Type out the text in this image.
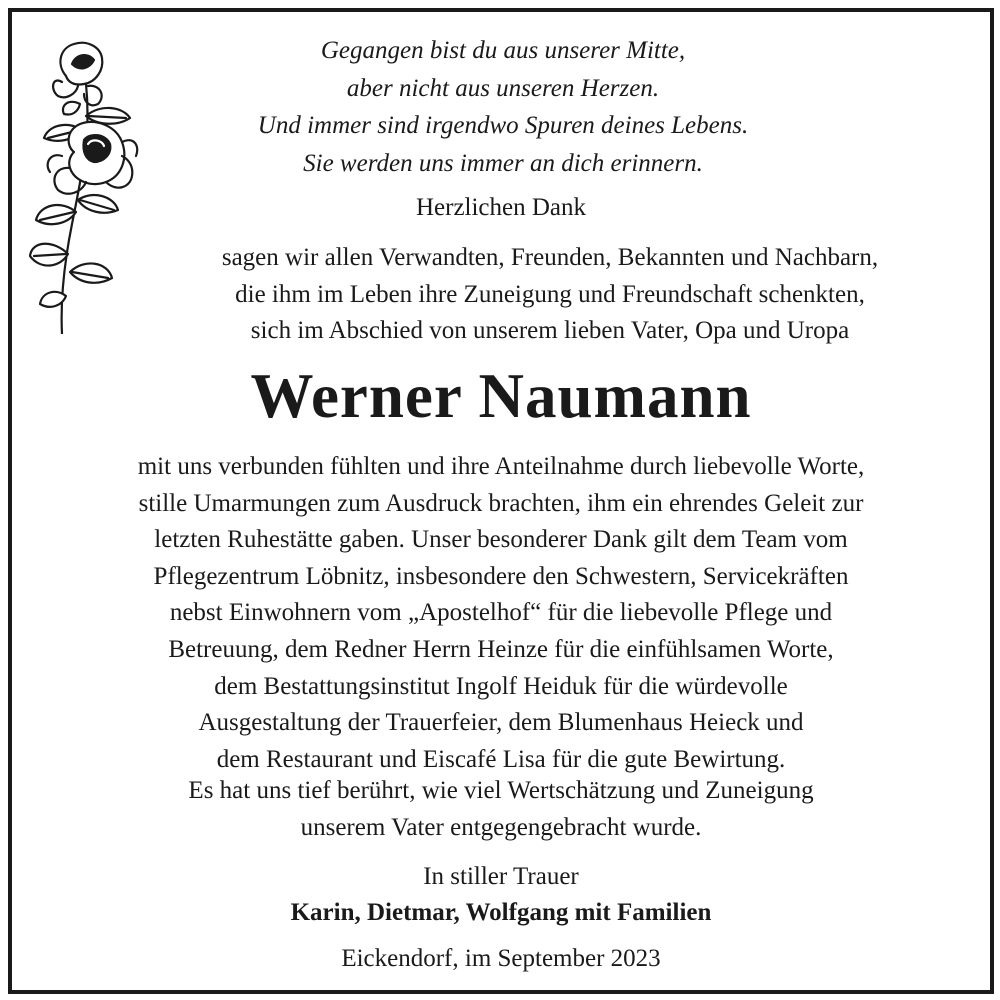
Gegangen bist du aus unserer Mitte,
aber nicht aus unseren Herzen.
Und immer sind irgendwo Spuren deines Lebens.
Sie werden uns immer an dich erinnern.
Herzlichen Dank
sagen wir allen Verwandten, Freunden, Bekannten und Nachbarn,
die ihm im Leben ihre Zuneigung und Freundschaft schenkten,
sich im Abschied von unserem lieben Vater, Opa und Uropa
Werner Naumann
mit uns verbunden fühlten und ihre Anteilnahme durch liebevolle Worte,
stille Umarmungen zum Ausdruck brachten, ihm ein ehrendes Geleit zur
letzten Ruhestätte gaben. Unser besonderer Dank gilt dem Team vom
Pflegezentrum Löbnitz, insbesondere den Schwestern, Servicekräften
nebst Einwohnern vom „Apostelhof“ für die liebevolle Pflege und
Betreuung, dem Redner Herrn Heinze für die einfühlsamen Worte,
dem Bestattungsinstitut Ingolf Heiduk für die würdevolle
Ausgestaltung der Trauerfeier, dem Blumenhaus Heieck und
dem Restaurant und Eiscafé Lisa für die gute Bewirtung.
Es hat uns tief berührt, wie viel Wertschätzung und Zuneigung
unserem Vater entgegengebracht wurde.
In stiller Trauer
Karin, Dietmar, Wolfgang mit Familien
Eickendorf, im September 2023
